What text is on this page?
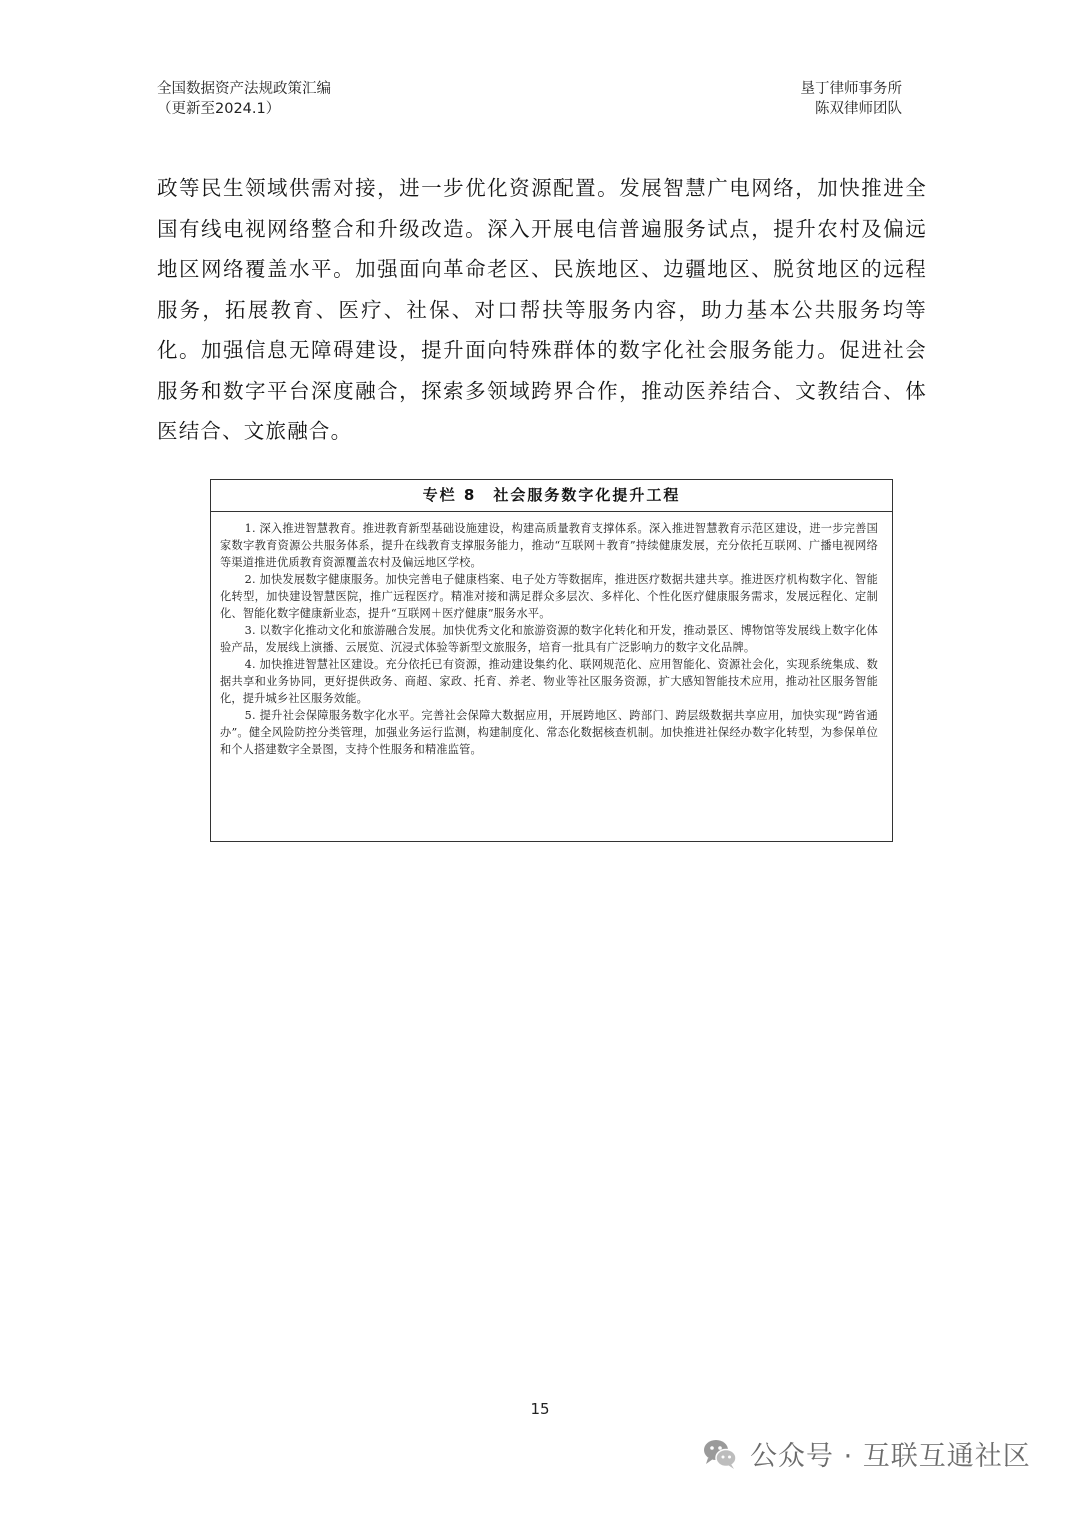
全国数据资产法规政策汇编
（更新至2024.1）
垦丁律师事务所
陈双律师团队

政等民生领域供需对接，进一步优化资源配置。发展智慧广电网络，加快推进全国有线电视网络整合和升级改造。深入开展电信普遍服务试点，提升农村及偏远地区网络覆盖水平。加强面向革命老区、民族地区、边疆地区、脱贫地区的远程服务，拓展教育、医疗、社保、对口帮扶等服务内容，助力基本公共服务均等化。加强信息无障碍建设，提升面向特殊群体的数字化社会服务能力。促进社会服务和数字平台深度融合，探索多领域跨界合作，推动医养结合、文教结合、体医结合、文旅融合。

专栏 8　社会服务数字化提升工程

1. 深入推进智慧教育。推进教育新型基础设施建设，构建高质量教育支撑体系。深入推进智慧教育示范区建设，进一步完善国家数字教育资源公共服务体系，提升在线教育支撑服务能力，推动“互联网＋教育”持续健康发展，充分依托互联网、广播电视网络等渠道推进优质教育资源覆盖农村及偏远地区学校。

2. 加快发展数字健康服务。加快完善电子健康档案、电子处方等数据库，推进医疗数据共建共享。推进医疗机构数字化、智能化转型，加快建设智慧医院，推广远程医疗。精准对接和满足群众多层次、多样化、个性化医疗健康服务需求，发展远程化、定制化、智能化数字健康新业态，提升“互联网＋医疗健康”服务水平。

3. 以数字化推动文化和旅游融合发展。加快优秀文化和旅游资源的数字化转化和开发，推动景区、博物馆等发展线上数字化体验产品，发展线上演播、云展览、沉浸式体验等新型文旅服务，培育一批具有广泛影响力的数字文化品牌。

4. 加快推进智慧社区建设。充分依托已有资源，推动建设集约化、联网规范化、应用智能化、资源社会化，实现系统集成、数据共享和业务协同，更好提供政务、商超、家政、托育、养老、物业等社区服务资源，扩大感知智能技术应用，推动社区服务智能化，提升城乡社区服务效能。

5. 提升社会保障服务数字化水平。完善社会保障大数据应用，开展跨地区、跨部门、跨层级数据共享应用，加快实现“跨省通办”。健全风险防控分类管理，加强业务运行监测，构建制度化、常态化数据核查机制。加快推进社保经办数字化转型，为参保单位和个人搭建数字全景图，支持个性服务和精准监管。

15
公众号 · 互联互通社区
